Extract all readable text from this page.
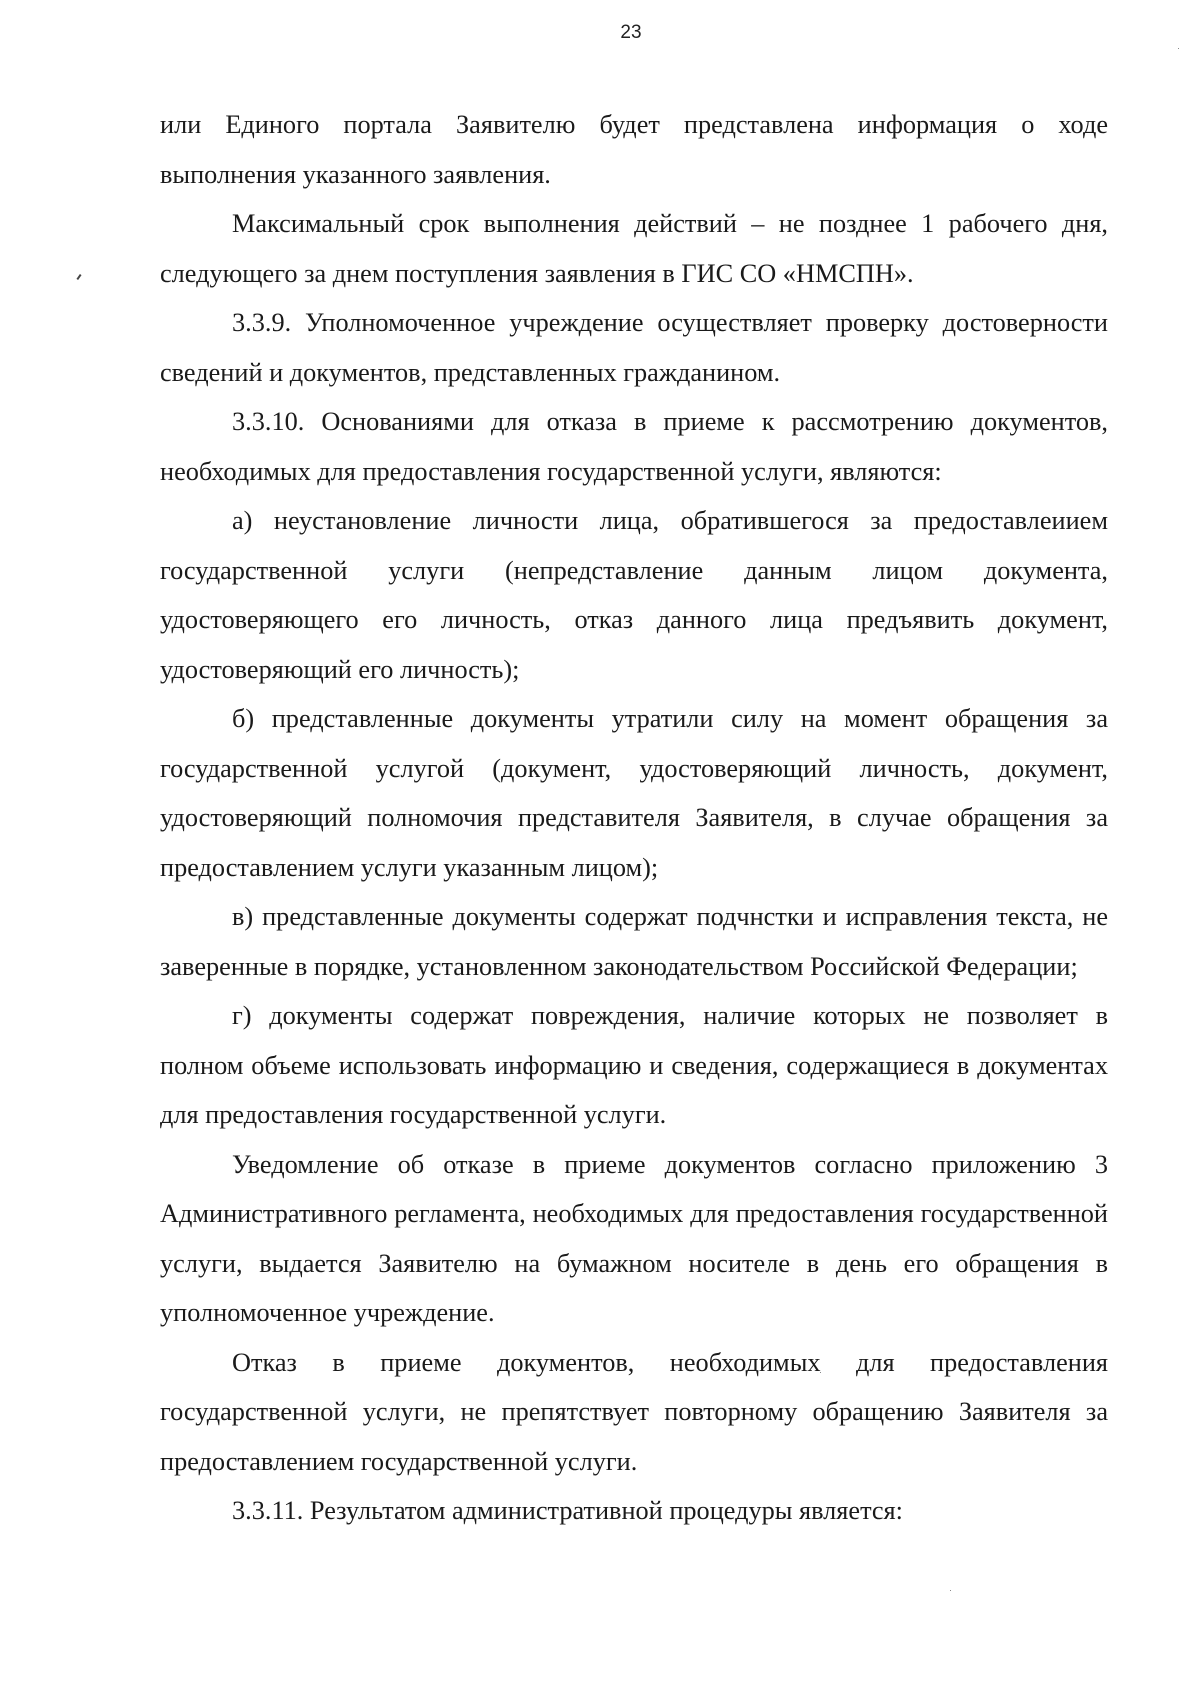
23

или Единого портала Заявителю будет представлена информация о ходе выполнения указанного заявления.

Максимальный срок выполнения действий – не позднее 1 рабочего дня, следующего за днем поступления заявления в ГИС СО «НМСПН».

3.3.9. Уполномоченное учреждение осуществляет проверку достоверности сведений и документов, представленных гражданином.

3.3.10. Основаниями для отказа в приеме к рассмотрению документов, необходимых для предоставления государственной услуги, являются:

а) неустановление личности лица, обратившегося за предоставлеиием государственной услуги (непредставление данным лицом документа, удостоверяющего его личность, отказ данного лица предъявить документ, удостоверяющий его личность);

б) представленные документы утратили силу на момент обращения за государственной услугой (документ, удостоверяющий личность, документ, удостоверяющий полномочия представителя Заявителя, в случае обращения за предоставлением услуги указанным лицом);

в) представленные документы содержат подчнстки и исправления текста, не заверенные в порядке, установленном законодательством Российской Федерации;

г) документы содержат повреждения, наличие которых не позволяет в полном объеме использовать информацию и сведения, содержащиеся в документах для предоставления государственной услуги.

Уведомление об отказе в приеме документов согласно приложению 3 Административного регламента, необходимых для предоставления государственной услуги, выдается Заявителю на бумажном носителе в день его обращения в уполномоченное учреждение.

Отказ в приеме документов, необходимых для предоставления государственной услуги, не препятствует повторному обращению Заявителя за предоставлением государственной услуги.

3.3.11. Результатом административной процедуры является:
